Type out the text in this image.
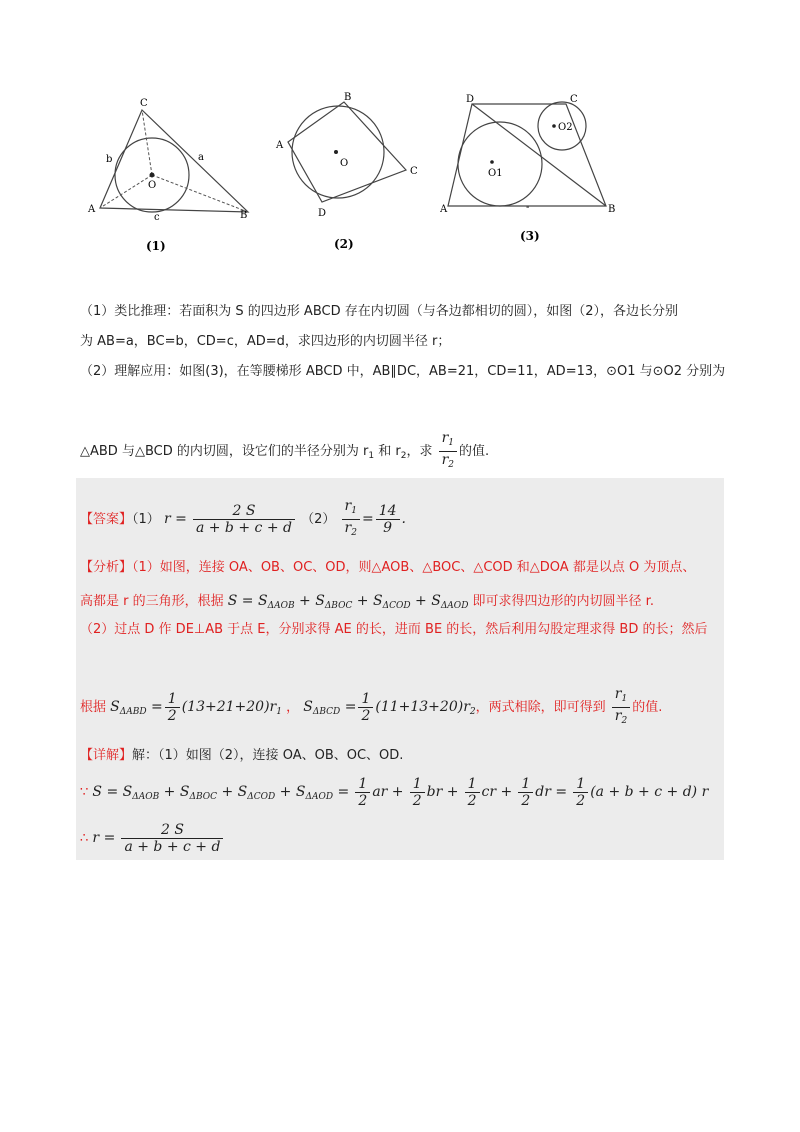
A
B
C
O
a
b
c
(1)
A
B
C
D
O
(2)
A	B
C
D
O1
O2
-
(3)
（1）类比推理：若面积为 S 的四边形 ABCD 存在内切圆（与各边都相切的圆），如图（2），各边长分别
为 AB=a，BC=b，CD=c，AD=d，求四边形的内切圆半径 r；
（2）理解应用：如图(3)，在等腰梯形 ABCD 中，AB∥DC，AB=21，CD=11，AD=13，⊙O1 与⊙O2 分别为
△ABD 与△BCD 的内切圆，设它们的半径分别为 $r_1$ 和 $r_2$，求 $\frac{r_1}{r_2}$ 的值.
【答案】（1） $r = \frac{2 S}{a + b + c + d} (2) \frac{r_1}{r_2} = \frac{14}{9}$ .
【分析】（1）如图，连接 OA、OB、OC、OD，则△AOB、△BOC、△COD 和△DOA 都是以点 O 为顶点、
高都是 r 的三角形，根据 $S = S_{\Delta AOB} + S_{\Delta BOC} + S_{\Delta COD} + S_{\Delta AOD}$ 即可求得四边形的内切圆半径 r.
（2）过点 D 作 DE⊥AB 于点 E，分别求得 AE 的长，进而 BE 的长，然后利用勾股定理求得 BD 的长；然后
根据 $S_{\Delta ABD} = \frac{1}{2} (13+21+20)r_1$ ， $S_{\Delta BCD} = \frac{1}{2} (11+13+20)r_2$，两式相除，即可得到 $\frac{r_1}{r_2}$ 的值.
【详解】解：（1）如图（2），连接 OA、OB、OC、OD.
∵ $S = S_{\Delta AOB} + S_{\Delta BOC} + S_{\Delta COD} + S_{\Delta AOD} = \frac{1}{2}$ ar + $\frac{1}{2}$ br + $\frac{1}{2}$ cr + $\frac{1}{2}$ dr = $\frac{1}{2} (a + b + c + d)$ r
∴ $r = \frac{2 S}{a + b + c + d}$
